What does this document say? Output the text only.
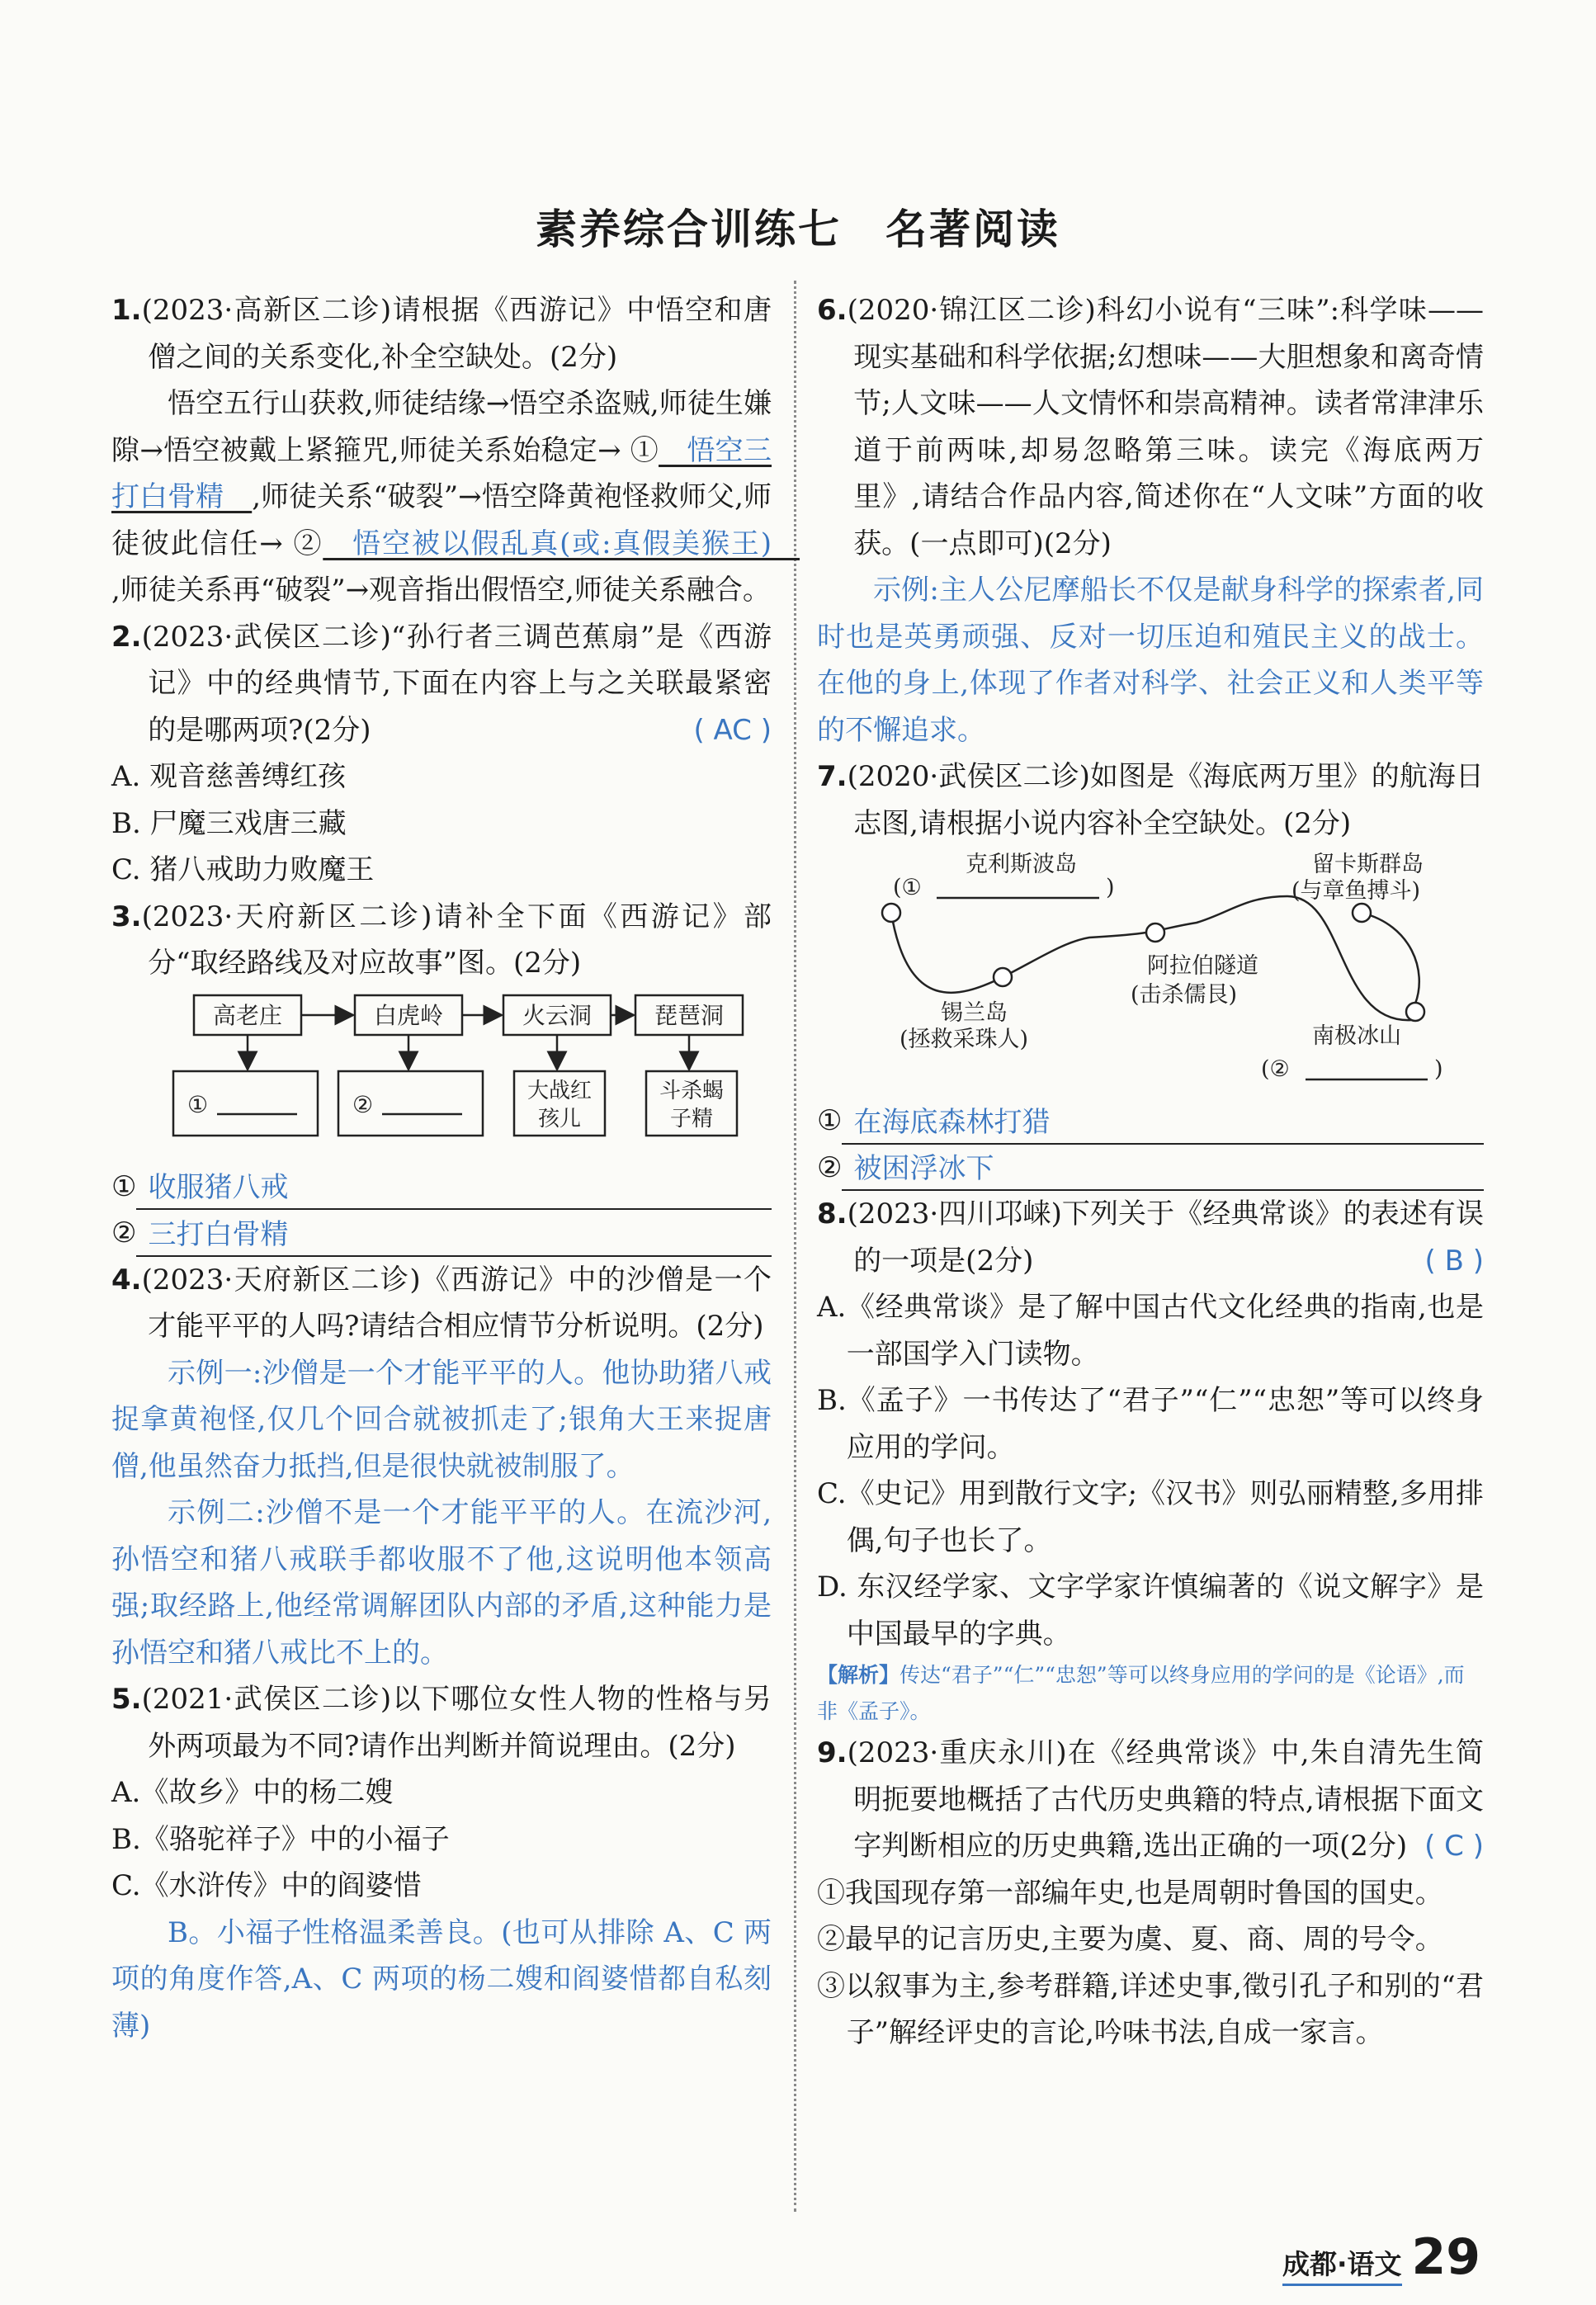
素养综合训练七　名著阅读
1.(2023·高新区二诊)请根据《西游记》中悟空和唐僧之间的关系变化,补全空缺处。(2分)
悟空五行山获救,师徒结缘→悟空杀盗贼,师徒生嫌隙→悟空被戴上紧箍咒,师徒关系始稳定→ ①　悟空三打白骨精　,师徒关系“破裂”→悟空降黄袍怪救师父,师徒彼此信任→ ②　悟空被以假乱真(或:真假美猴王)　,师徒关系再“破裂”→观音指出假悟空,师徒关系融合。
2.(2023·武侯区二诊)“孙行者三调芭蕉扇”是《西游记》中的经典情节,下面在内容上与之关联最紧密的是哪两项?(2分)	( AC )
A. 观音慈善缚红孩
B. 尸魔三戏唐三藏
C. 猪八戒助力败魔王
3.(2023·天府新区二诊)请补全下面《西游记》部分“取经路线及对应故事”图。(2分)
高老庄	白虎岭	火云洞	琵琶洞
①	②	大战红
孩儿
斗杀蝎
子精
① 收服猪八戒
② 三打白骨精
4.(2023·天府新区二诊)《西游记》中的沙僧是一个才能平平的人吗?请结合相应情节分析说明。(2分)
示例一:沙僧是一个才能平平的人。他协助猪八戒捉拿黄袍怪,仅几个回合就被抓走了;银角大王来捉唐僧,他虽然奋力抵挡,但是很快就被制服了。
示例二:沙僧不是一个才能平平的人。在流沙河,孙悟空和猪八戒联手都收服不了他,这说明他本领高强;取经路上,他经常调解团队内部的矛盾,这种能力是孙悟空和猪八戒比不上的。
5.(2021·武侯区二诊)以下哪位女性人物的性格与另外两项最为不同?请作出判断并简说理由。(2分)
A.《故乡》中的杨二嫂
B.《骆驼祥子》中的小福子
C.《水浒传》中的阎婆惜
B。小福子性格温柔善良。(也可从排除 A、C 两项的角度作答,A、C 两项的杨二嫂和阎婆惜都自私刻薄)
6.(2020·锦江区二诊)科幻小说有“三味”:科学味——现实基础和科学依据;幻想味——大胆想象和离奇情节;人文味——人文情怀和崇高精神。读者常津津乐道于前两味,却易忽略第三味。读完《海底两万里》,请结合作品内容,简述你在“人文味”方面的收获。(一点即可)(2分)
示例:主人公尼摩船长不仅是献身科学的探索者,同时也是英勇顽强、反对一切压迫和殖民主义的战士。在他的身上,体现了作者对科学、社会正义和人类平等的不懈追求。
7.(2020·武侯区二诊)如图是《海底两万里》的航海日志图,请根据小说内容补全空缺处。(2分)
克利斯波岛
(①	)
留卡斯群岛
(与章鱼搏斗)
阿拉伯隧道
(击杀儒艮)
锡兰岛
(拯救采珠人)	南极冰山
(②	)
① 在海底森林打猎
② 被困浮冰下
8.(2023·四川邛崃)下列关于《经典常谈》的表述有误的一项是(2分)	( B )
A.《经典常谈》是了解中国古代文化经典的指南,也是一部国学入门读物。
B.《孟子》一书传达了“君子”“仁”“忠恕”等可以终身应用的学问。
C.《史记》用到散行文字;《汉书》则弘丽精整,多用排偶,句子也长了。
D. 东汉经学家、文字学家许慎编著的《说文解字》是中国最早的字典。
【解析】传达“君子”“仁”“忠恕”等可以终身应用的学问的是《论语》,而非《孟子》。
9.(2023·重庆永川)在《经典常谈》中,朱自清先生简明扼要地概括了古代历史典籍的特点,请根据下面文字判断相应的历史典籍,选出正确的一项(2分) ( C )
①我国现存第一部编年史,也是周朝时鲁国的国史。
②最早的记言历史,主要为虞、夏、商、周的号令。
③以叙事为主,参考群籍,详述史事,徵引孔子和别的“君子”解经评史的言论,吟味书法,自成一家言。
成都·语文 29
